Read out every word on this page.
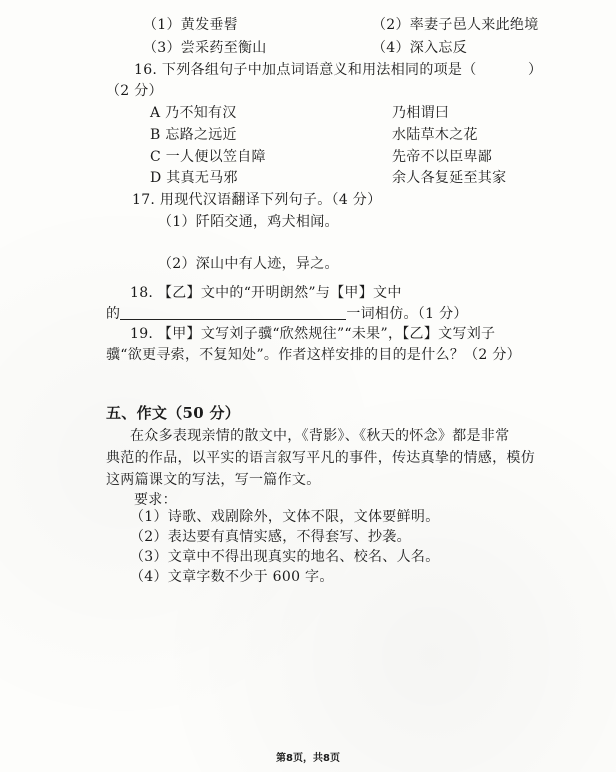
（1）黄发垂髫	（2）率妻子邑人来此绝境
（3）尝采药至衡山	（4）深入忘反
16. 下列各组句子中加点词语意义和用法相同的项是（	）
（2 分）
A 乃不知有汉	乃相谓曰
B 忘路之远近	水陆草木之花
C 一人便以笠自障	先帝不以臣卑鄙
D 其真无马邪	余人各复延至其家
17. 用现代汉语翻译下列句子。（4 分）
（1）阡陌交通，鸡犬相闻。
（2）深山中有人迹，异之。
18. 【乙】文中的“开明朗然”与【甲】文中
的	一词相仿。（1 分）
19. 【甲】文写刘子骥“欣然规往”“未果”，【乙】文写刘子
骥“欲更寻索，不复知处”。作者这样安排的目的是什么？（2 分）
五、作文（50 分）
在众多表现亲情的散文中，《背影》、《秋天的怀念》都是非常
典范的作品，以平实的语言叙写平凡的事件，传达真挚的情感，模仿
这两篇课文的写法，写一篇作文。
要求：
（1）诗歌、戏剧除外，文体不限，文体要鲜明。
（2）表达要有真情实感，不得套写、抄袭。
（3）文章中不得出现真实的地名、校名、人名。
（4）文章字数不少于 600 字。
第8页，共8页
